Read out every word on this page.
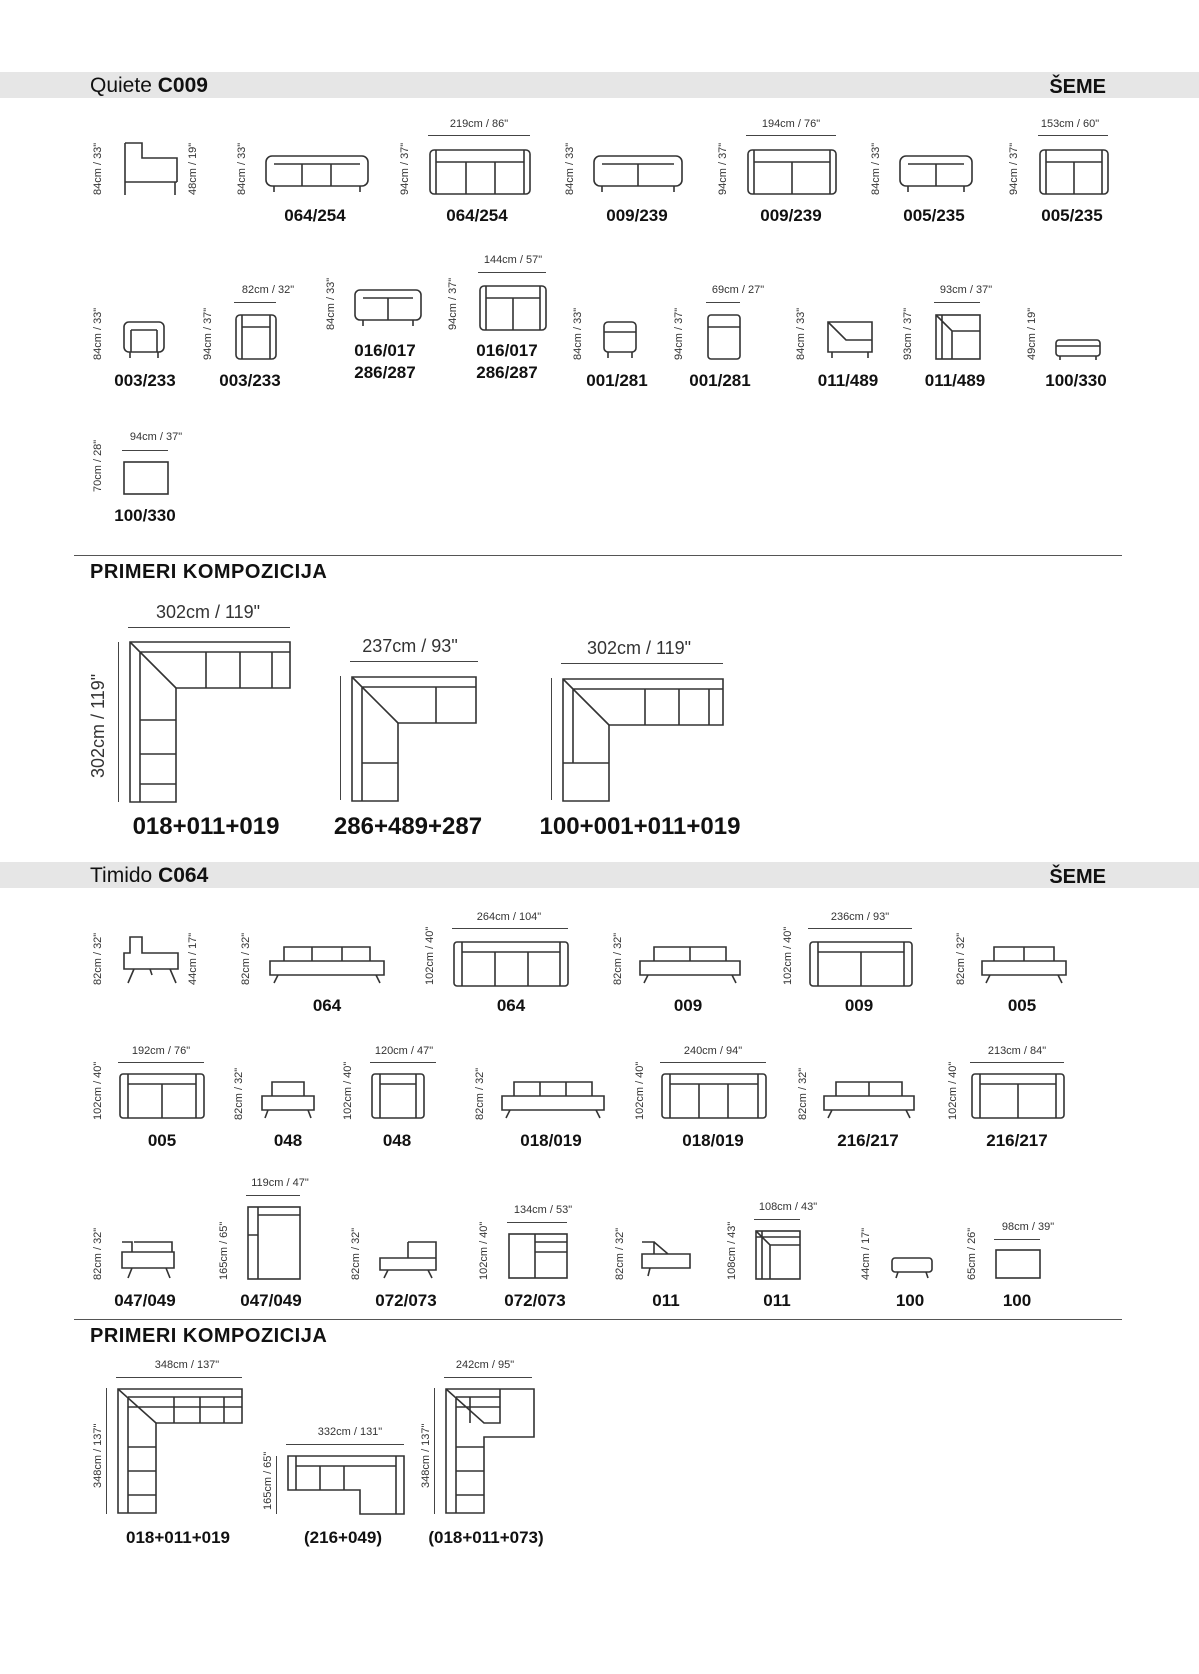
Quiete C009	ŠEME
84cm / 33"	48cm / 19"	84cm / 33"
064/254
94cm / 37"
219cm / 86"
064/254
84cm / 33"
009/239
94cm / 37"
194cm / 76"
009/239
84cm / 33"
005/235
94cm / 37"
153cm / 60"
005/235
84cm / 33"
003/233
94cm / 37"
82cm / 32"
003/233
84cm / 33"
016/017
286/287
94cm / 37"
144cm / 57"
016/017
286/287
84cm / 33"
001/281
94cm / 37"
69cm / 27"
001/281
84cm / 33"
011/489
93cm / 37"
93cm / 37"
011/489
49cm / 19"
100/330
70cm / 28"
94cm / 37"
100/330
PRIMERI KOMPOZICIJA
302cm / 119"
302cm / 119"
018+011+019
237cm / 93"
286+489+287
302cm / 119"
100+001+011+019
Timido C064	ŠEME
82cm / 32"	44cm / 17"	82cm / 32"
064
102cm / 40"
264cm / 104"
064
82cm / 32"
009
102cm / 40"
236cm / 93"
009
82cm / 32"
005
102cm / 40"
192cm / 76"
005
82cm / 32"
048
102cm / 40"
120cm / 47"
048
82cm / 32"
018/019
102cm / 40"
240cm / 94"
018/019
82cm / 32"
216/217
102cm / 40"
213cm / 84"
216/217
82cm / 32"
047/049
165cm / 65"
119cm / 47"
047/049
82cm / 32"
072/073
102cm / 40"
134cm / 53"
072/073
82cm / 32"
011
108cm / 43"
108cm / 43"
011
44cm / 17"
100
65cm / 26"
98cm / 39"
100
PRIMERI KOMPOZICIJA
348cm / 137"
348cm / 137"
018+011+019
332cm / 131"
165cm / 65"
(216+049)
242cm / 95"
348cm / 137"
(018+011+073)
